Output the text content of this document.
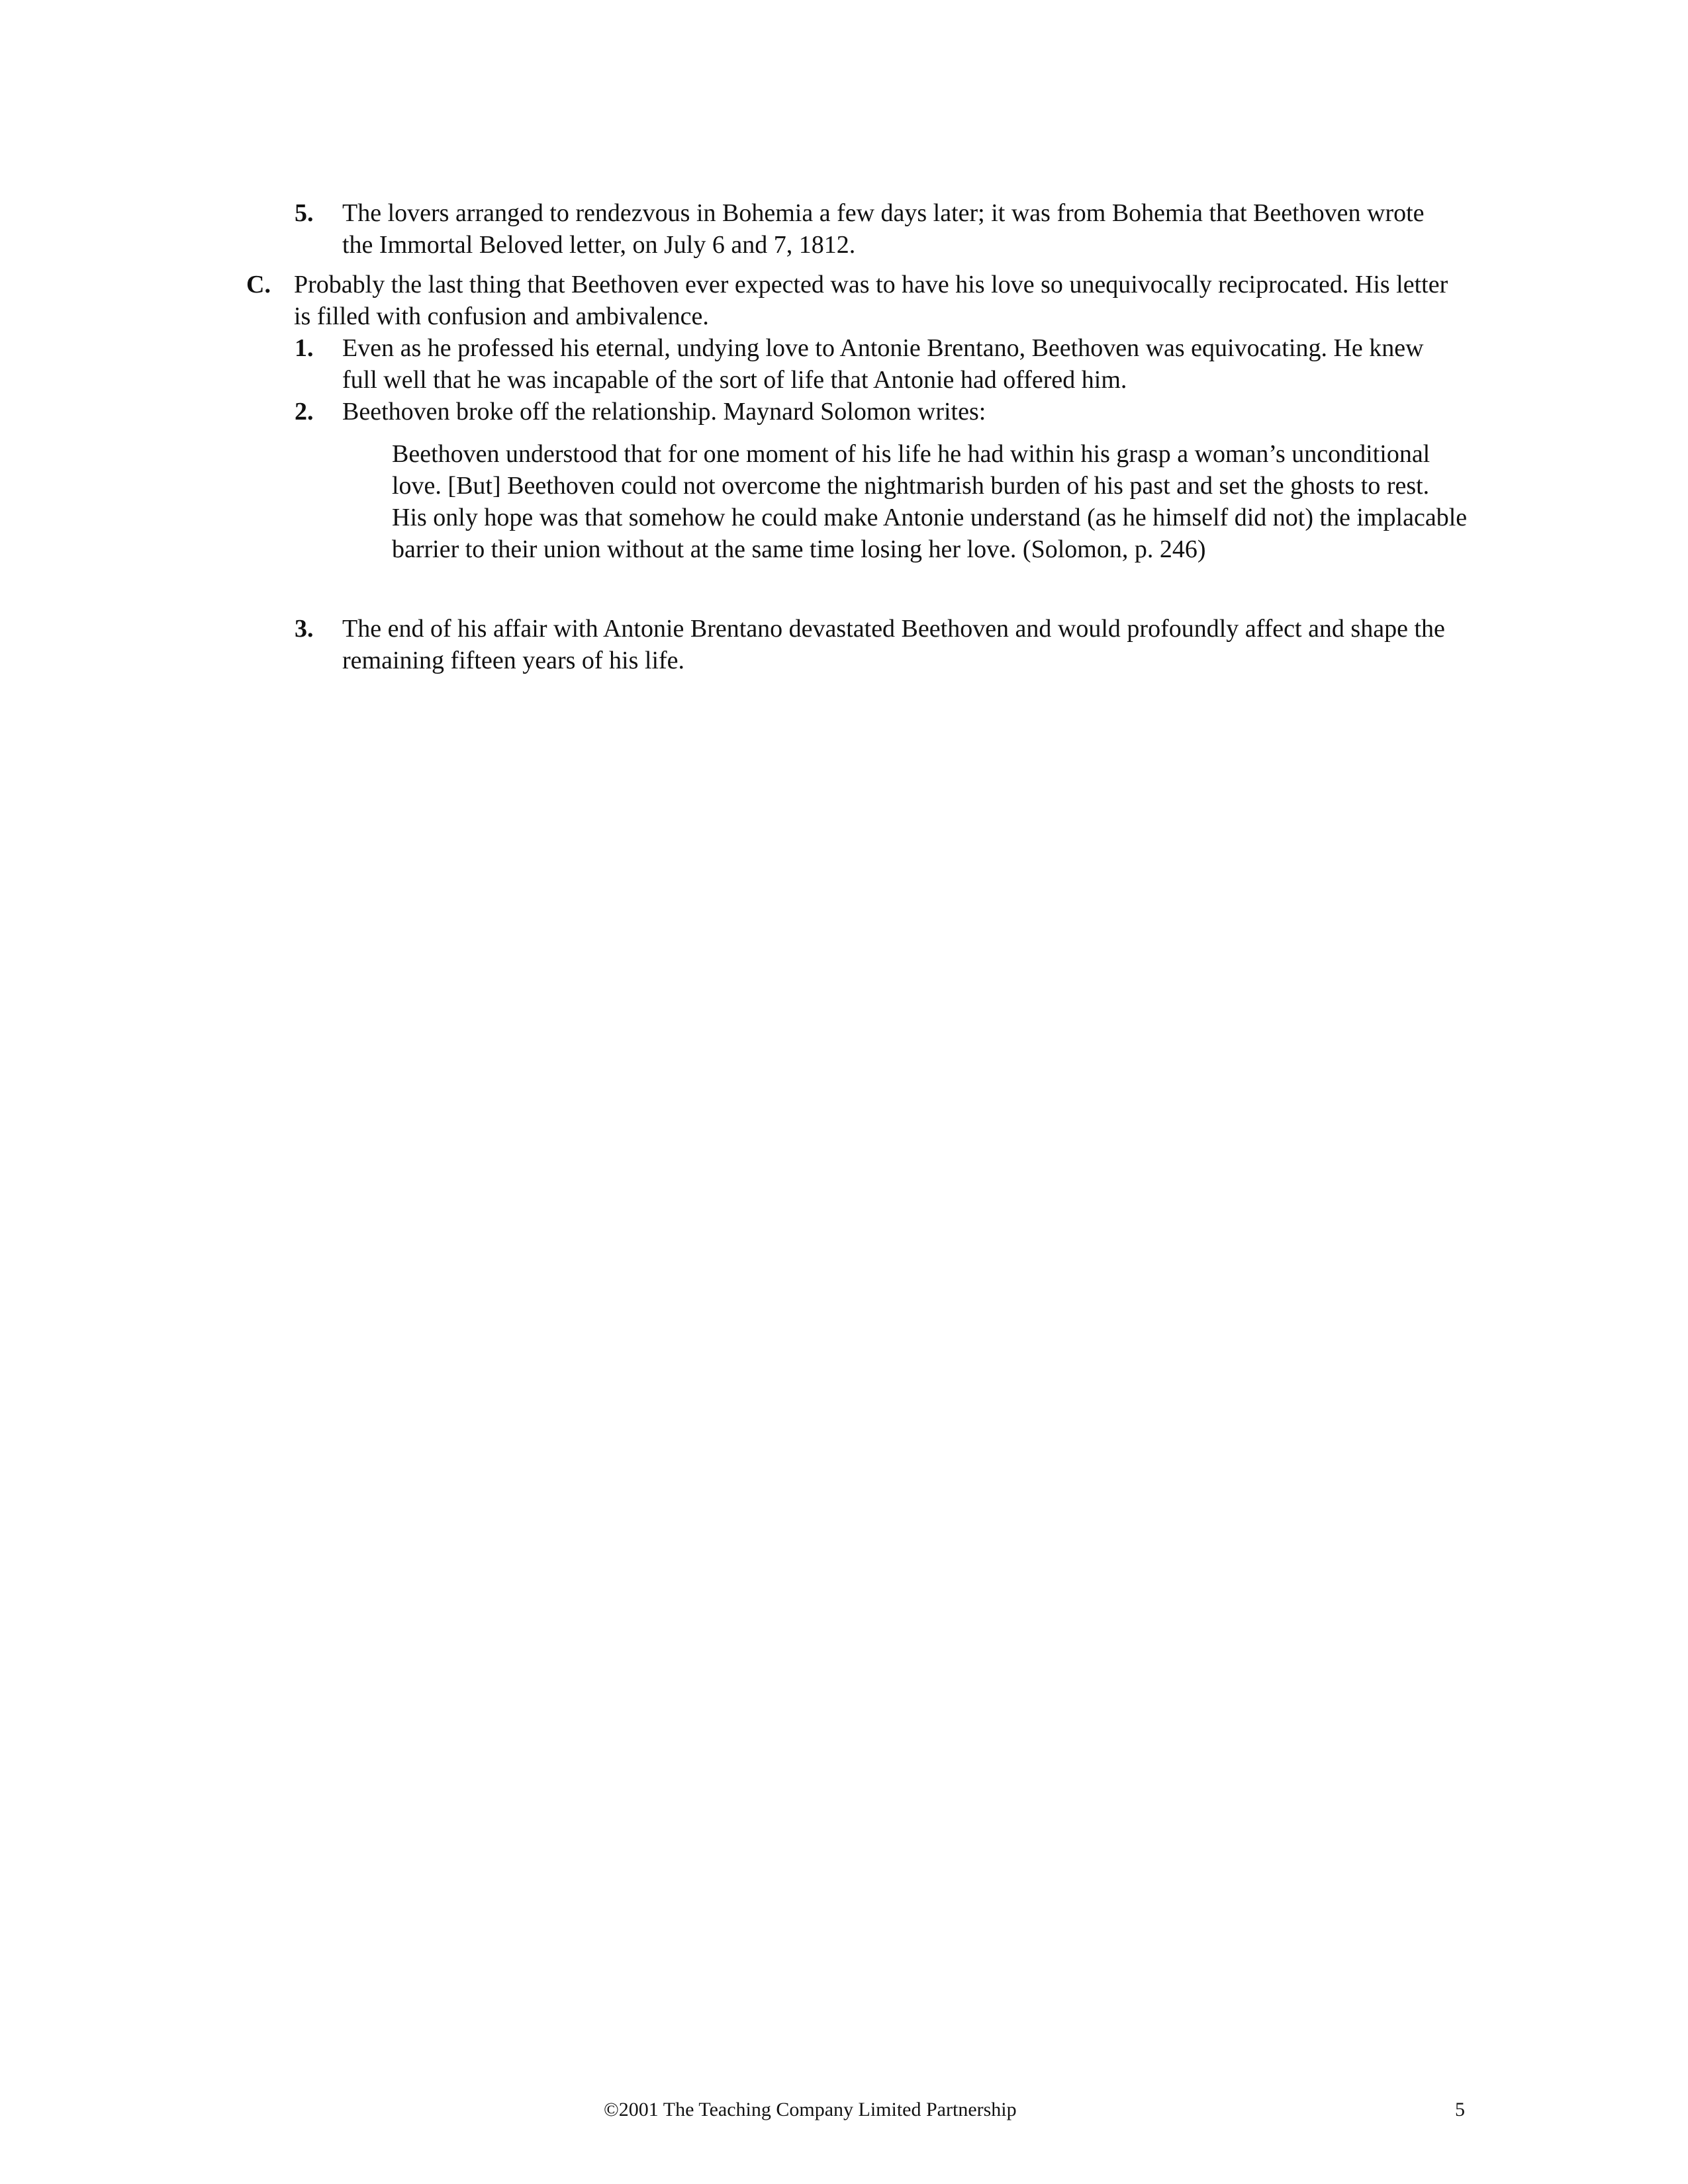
5. The lovers arranged to rendezvous in Bohemia a few days later; it was from Bohemia that Beethoven wrote the Immortal Beloved letter, on July 6 and 7, 1812.
C. Probably the last thing that Beethoven ever expected was to have his love so unequivocally reciprocated. His letter is filled with confusion and ambivalence.
1. Even as he professed his eternal, undying love to Antonie Brentano, Beethoven was equivocating. He knew full well that he was incapable of the sort of life that Antonie had offered him.
2. Beethoven broke off the relationship. Maynard Solomon writes:
Beethoven understood that for one moment of his life he had within his grasp a woman’s unconditional love. [But] Beethoven could not overcome the nightmarish burden of his past and set the ghosts to rest. His only hope was that somehow he could make Antonie understand (as he himself did not) the implacable barrier to their union without at the same time losing her love. (Solomon, p. 246)
3. The end of his affair with Antonie Brentano devastated Beethoven and would profoundly affect and shape the remaining fifteen years of his life.
©2001 The Teaching Company Limited Partnership	5
